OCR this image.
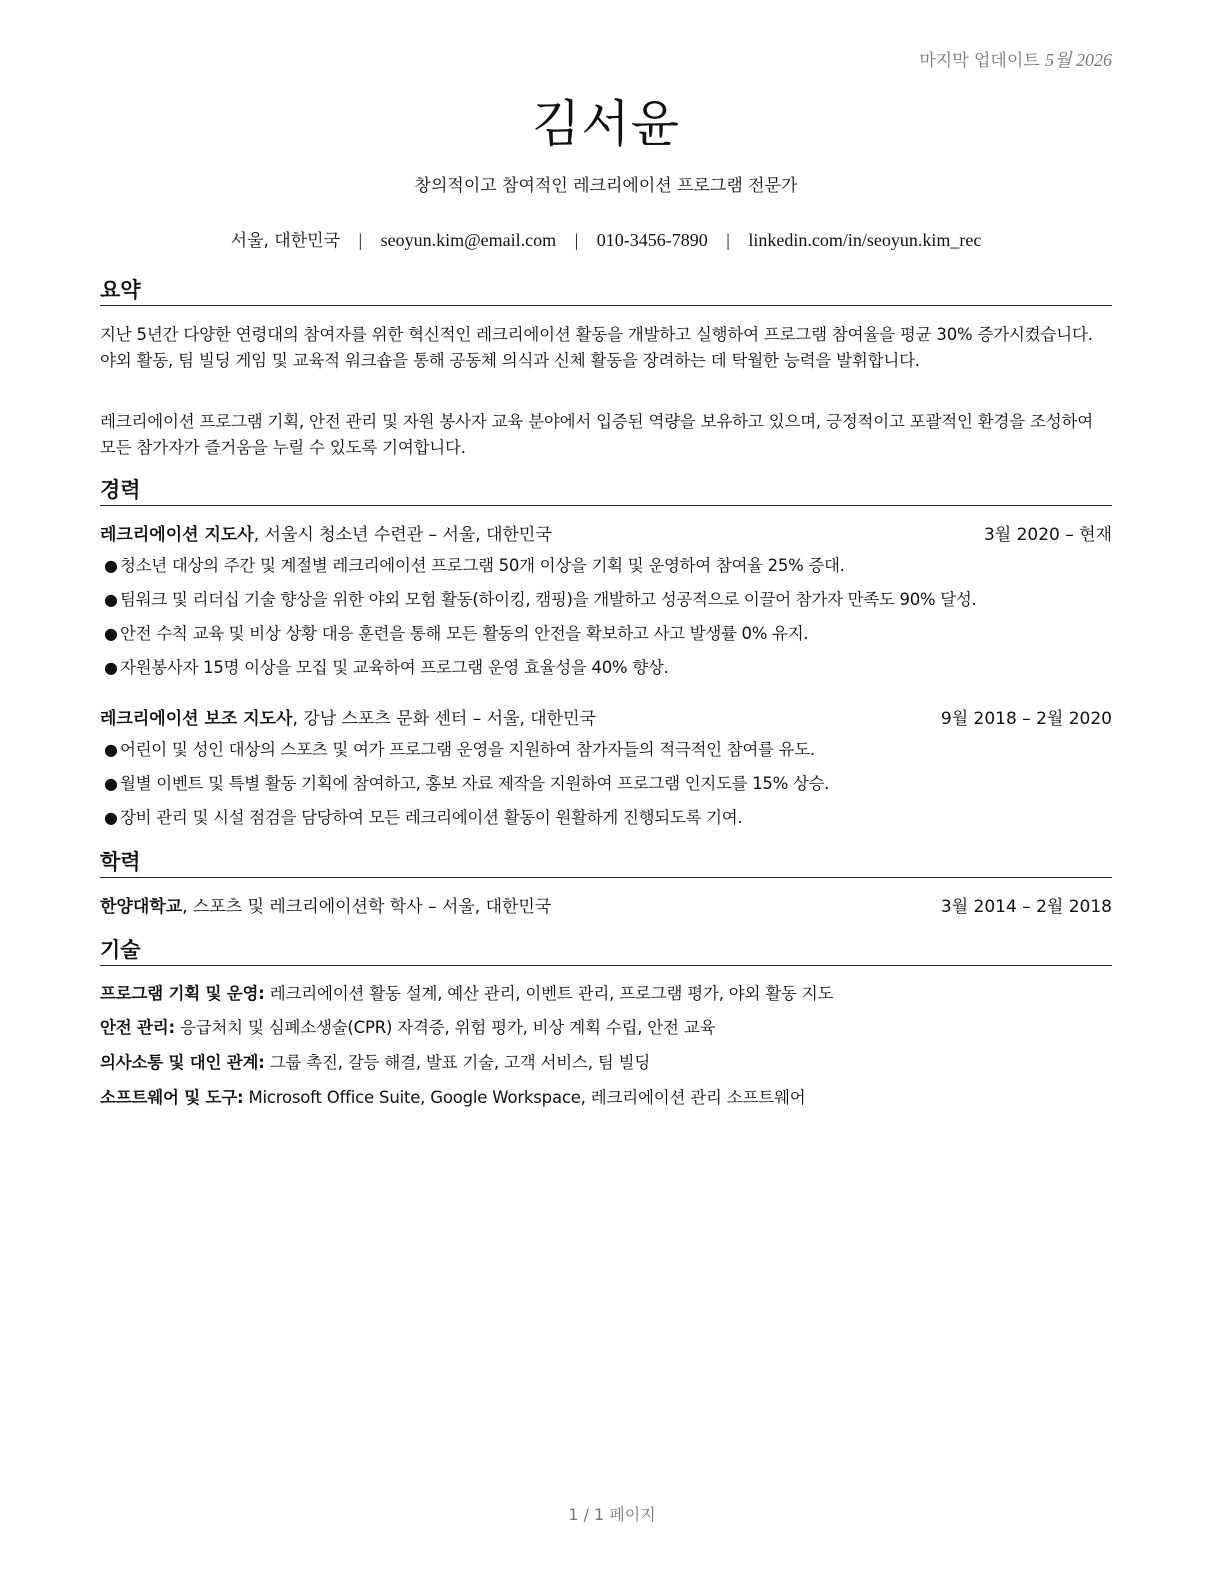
마지막 업데이트 5월 2026
김서윤
창의적이고 참여적인 레크리에이션 프로그램 전문가
서울, 대한민국 | seoyun.kim@email.com | 010-3456-7890 | linkedin.com/in/seoyun.kim_rec
요약
지난 5년간 다양한 연령대의 참여자를 위한 혁신적인 레크리에이션 활동을 개발하고 실행하여 프로그램 참여율을 평균 30% 증가시켰습니다. 야외 활동, 팀 빌딩 게임 및 교육적 워크숍을 통해 공동체 의식과 신체 활동을 장려하는 데 탁월한 능력을 발휘합니다.
레크리에이션 프로그램 기획, 안전 관리 및 자원 봉사자 교육 분야에서 입증된 역량을 보유하고 있으며, 긍정적이고 포괄적인 환경을 조성하여 모든 참가자가 즐거움을 누릴 수 있도록 기여합니다.
경력
레크리에이션 지도사, 서울시 청소년 수련관 – 서울, 대한민국	3월 2020 – 현재
● 청소년 대상의 주간 및 계절별 레크리에이션 프로그램 50개 이상을 기획 및 운영하여 참여율 25% 증대.
● 팀워크 및 리더십 기술 향상을 위한 야외 모험 활동(하이킹, 캠핑)을 개발하고 성공적으로 이끌어 참가자 만족도 90% 달성.
● 안전 수칙 교육 및 비상 상황 대응 훈련을 통해 모든 활동의 안전을 확보하고 사고 발생률 0% 유지.
● 자원봉사자 15명 이상을 모집 및 교육하여 프로그램 운영 효율성을 40% 향상.
레크리에이션 보조 지도사, 강남 스포츠 문화 센터 – 서울, 대한민국	9월 2018 – 2월 2020
● 어린이 및 성인 대상의 스포츠 및 여가 프로그램 운영을 지원하여 참가자들의 적극적인 참여를 유도.
● 월별 이벤트 및 특별 활동 기획에 참여하고, 홍보 자료 제작을 지원하여 프로그램 인지도를 15% 상승.
● 장비 관리 및 시설 점검을 담당하여 모든 레크리에이션 활동이 원활하게 진행되도록 기여.
학력
한양대학교, 스포츠 및 레크리에이션학 학사 – 서울, 대한민국	3월 2014 – 2월 2018
기술
프로그램 기획 및 운영: 레크리에이션 활동 설계, 예산 관리, 이벤트 관리, 프로그램 평가, 야외 활동 지도
안전 관리: 응급처치 및 심폐소생술(CPR) 자격증, 위험 평가, 비상 계획 수립, 안전 교육
의사소통 및 대인 관계: 그룹 촉진, 갈등 해결, 발표 기술, 고객 서비스, 팀 빌딩
소프트웨어 및 도구: Microsoft Office Suite, Google Workspace, 레크리에이션 관리 소프트웨어
1 / 1 페이지
